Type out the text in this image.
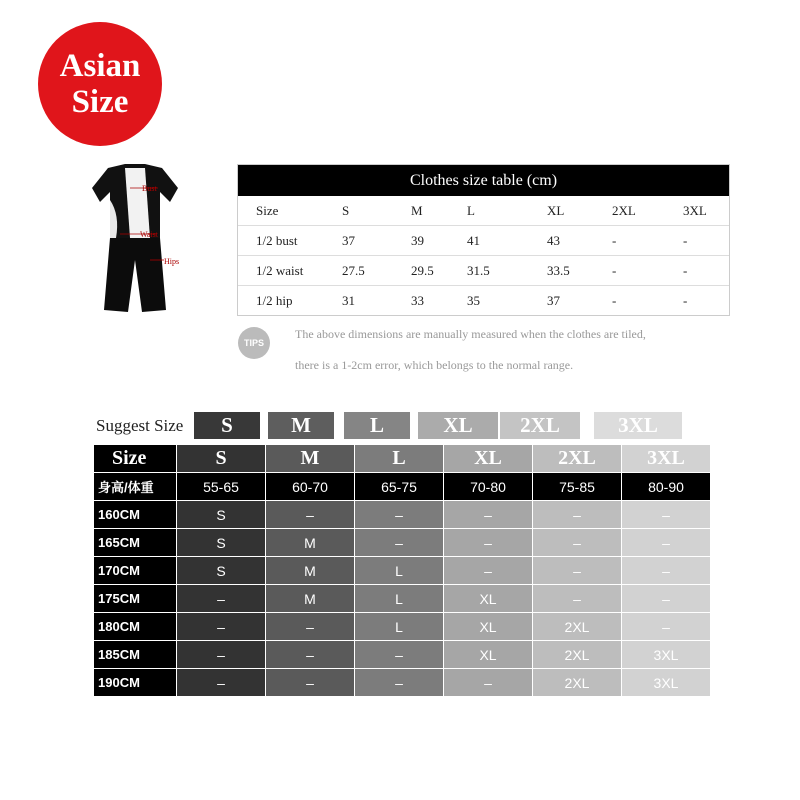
Asian
Size
Bust
Waist
Hips
Clothes size table (cm)
Size	S	M	L	XL	2XL	3XL
1/2 bust	37	39	41	43	-	-
1/2 waist	27.5	29.5	31.5	33.5	-	-
1/2 hip	31	33	35	37	-	-
TIPS
The above dimensions are manually measured when the clothes are tiled,
there is a 1-2cm error, which belongs to the normal range.
Suggest Size	S	M	L	XL	2XL	3XL
Size	S	M	L	XL	2XL	3XL
身高/体重	55-65	60-70	65-75	70-80	75-85	80-90
160CM	S	–	–	–	–	–
165CM	S	M	–	–	–	–
170CM	S	M	L	–	–	–
175CM	–	M	L	XL	–	–
180CM	–	–	L	XL	2XL	–
185CM	–	–	–	XL	2XL	3XL
190CM	–	–	–	–	2XL	3XL
